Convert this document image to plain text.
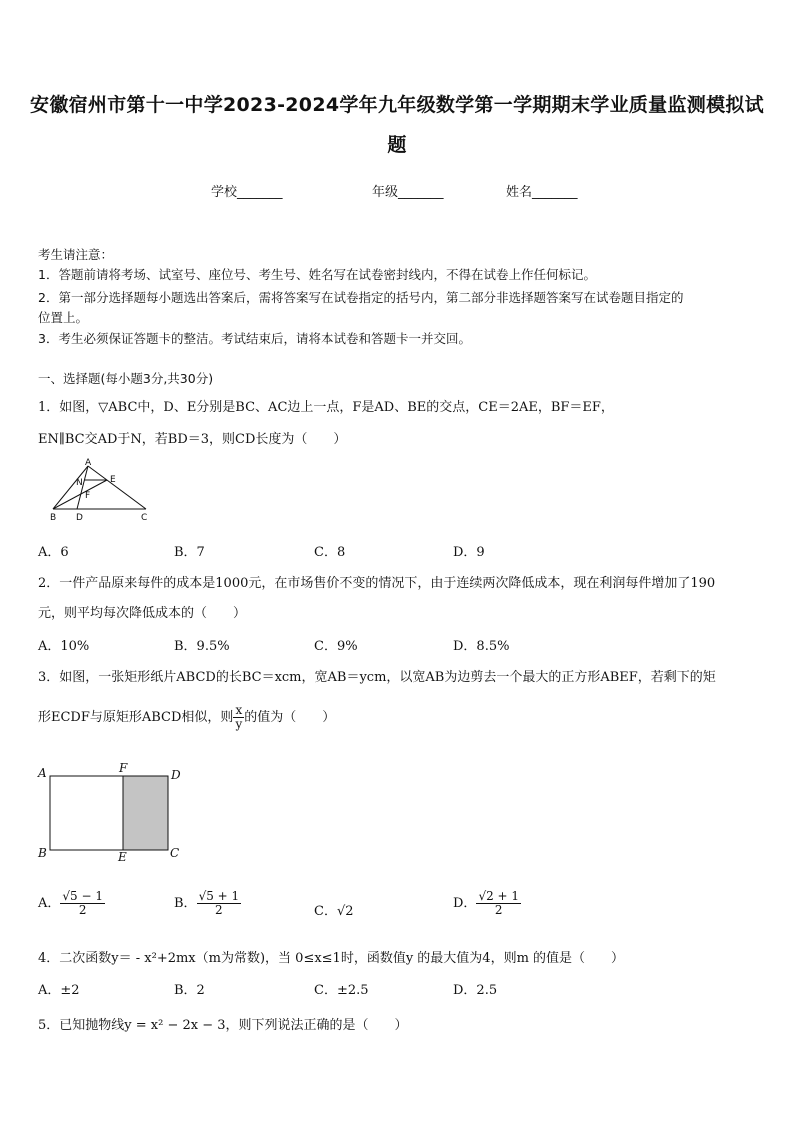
安徽宿州市第十一中学2023-2024学年九年级数学第一学期期末学业质量监测模拟试
题
学校_______	年级_______	姓名_______
考生请注意：
1．答题前请将考场、试室号、座位号、考生号、姓名写在试卷密封线内，不得在试卷上作任何标记。
2．第一部分选择题每小题选出答案后，需将答案写在试卷指定的括号内，第二部分非选择题答案写在试卷题目指定的
位置上。
3．考生必须保证答题卡的整洁。考试结束后，请将本试卷和答题卡一并交回。
一、选择题(每小题3分,共30分)
1．如图，▽ABC中，D、E分别是BC、AC边上一点，F是AD、BE的交点，CE＝2AE，BF＝EF，
EN∥BC交AD于N，若BD＝3，则CD长度为（　　）
A
N	E
F
B D	C
A．6	B．7	C．8	D．9
2．一件产品原来每件的成本是1000元，在市场售价不变的情况下，由于连续两次降低成本，现在利润每件增加了190
元，则平均每次降低成本的（　　）
A．10%	B．9.5%	C．9%	D．8.5%
3．如图，一张矩形纸片ABCD的长BC＝xcm，宽AB＝ycm，以宽AB为边剪去一个最大的正方形ABEF，若剩下的矩
形ECDF与原矩形ABCD相似，则 $\frac{x}{y}$ 的值为（　　）
A	F	D
B	E	C
A． $\frac{√5 - 1}{2}$	B． $\frac{√5 + 1}{2}$	C．√2
D． $\frac{√2 + 1}{2}$
4．二次函数y＝ - x²+2mx（m为常数)，当 0≤x≤1时，函数值y 的最大值为4，则m 的值是（　　）
A．±2	B．2	C．±2.5	D．2.5
5．已知抛物线y = x² − 2x − 3，则下列说法正确的是（　　）
